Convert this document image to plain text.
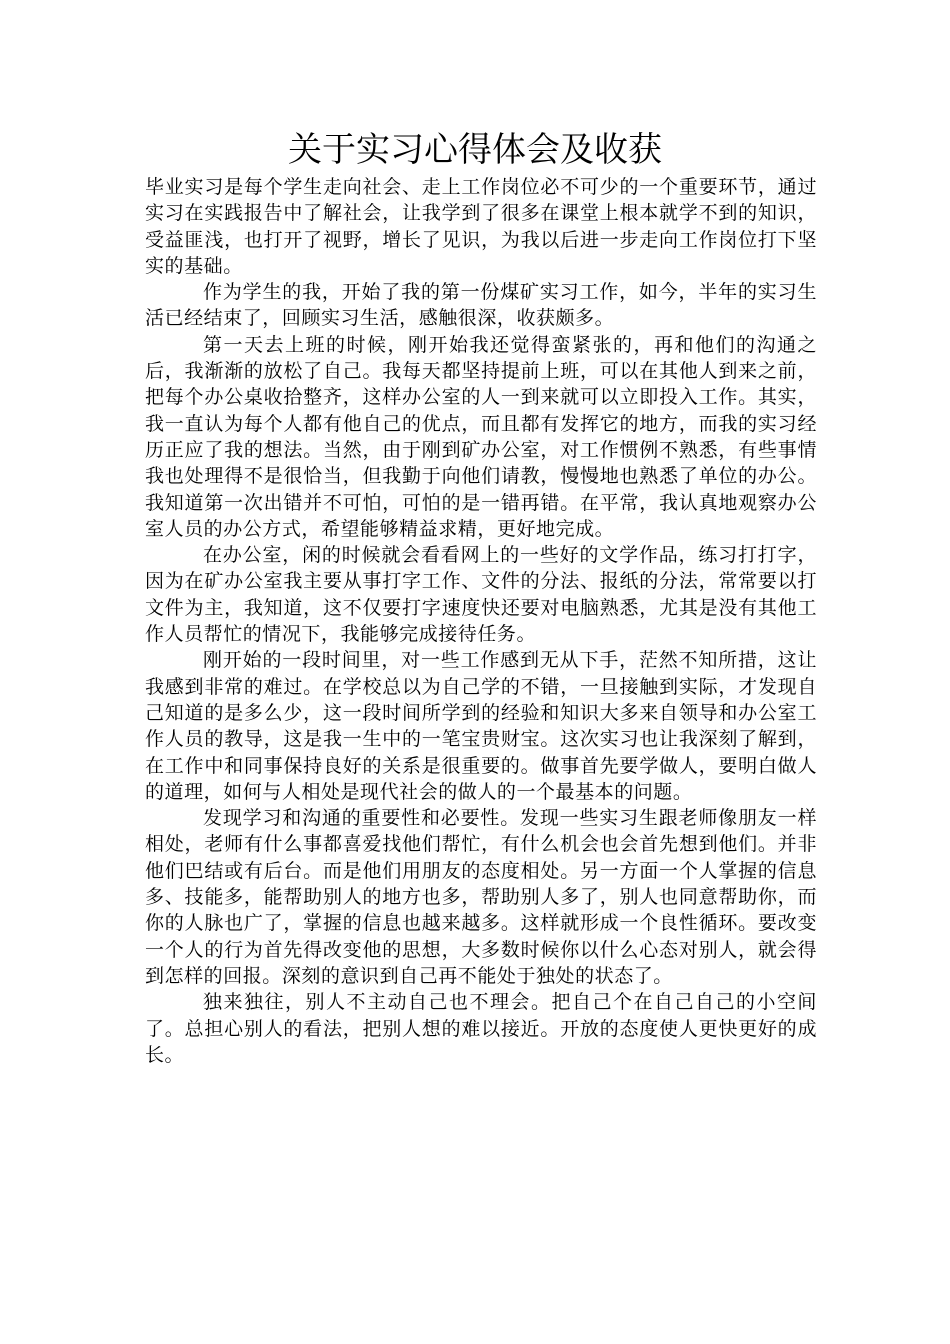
关于实习心得体会及收获

毕业实习是每个学生走向社会、走上工作岗位必不可少的一个重要环节，通过实习在实践报告中了解社会，让我学到了很多在课堂上根本就学不到的知识，受益匪浅，也打开了视野，增长了见识，为我以后进一步走向工作岗位打下坚实的基础。

作为学生的我，开始了我的第一份煤矿实习工作，如今，半年的实习生活已经结束了，回顾实习生活，感触很深，收获颇多。

第一天去上班的时候，刚开始我还觉得蛮紧张的，再和他们的沟通之后，我渐渐的放松了自己。我每天都坚持提前上班，可以在其他人到来之前，把每个办公桌收拾整齐，这样办公室的人一到来就可以立即投入工作。其实，我一直认为每个人都有他自己的优点，而且都有发挥它的地方，而我的实习经历正应了我的想法。当然，由于刚到矿办公室，对工作惯例不熟悉，有些事情我也处理得不是很恰当，但我勤于向他们请教，慢慢地也熟悉了单位的办公。我知道第一次出错并不可怕，可怕的是一错再错。在平常，我认真地观察办公室人员的办公方式，希望能够精益求精，更好地完成。

在办公室，闲的时候就会看看网上的一些好的文学作品，练习打打字，因为在矿办公室我主要从事打字工作、文件的分法、报纸的分法，常常要以打文件为主，我知道，这不仅要打字速度快还要对电脑熟悉，尤其是没有其他工作人员帮忙的情况下，我能够完成接待任务。

刚开始的一段时间里，对一些工作感到无从下手，茫然不知所措，这让我感到非常的难过。在学校总以为自己学的不错，一旦接触到实际，才发现自己知道的是多么少，这一段时间所学到的经验和知识大多来自领导和办公室工作人员的教导，这是我一生中的一笔宝贵财宝。这次实习也让我深刻了解到，在工作中和同事保持良好的关系是很重要的。做事首先要学做人，要明白做人的道理，如何与人相处是现代社会的做人的一个最基本的问题。

发现学习和沟通的重要性和必要性。发现一些实习生跟老师像朋友一样相处，老师有什么事都喜爱找他们帮忙，有什么机会也会首先想到他们。并非他们巴结或有后台。而是他们用朋友的态度相处。另一方面一个人掌握的信息多、技能多，能帮助别人的地方也多，帮助别人多了，别人也同意帮助你，而你的人脉也广了，掌握的信息也越来越多。这样就形成一个良性循环。要改变一个人的行为首先得改变他的思想，大多数时候你以什么心态对别人，就会得到怎样的回报。深刻的意识到自己再不能处于独处的状态了。

独来独往，别人不主动自己也不理会。把自己个在自己自己的小空间了。总担心别人的看法，把别人想的难以接近。开放的态度使人更快更好的成长。
